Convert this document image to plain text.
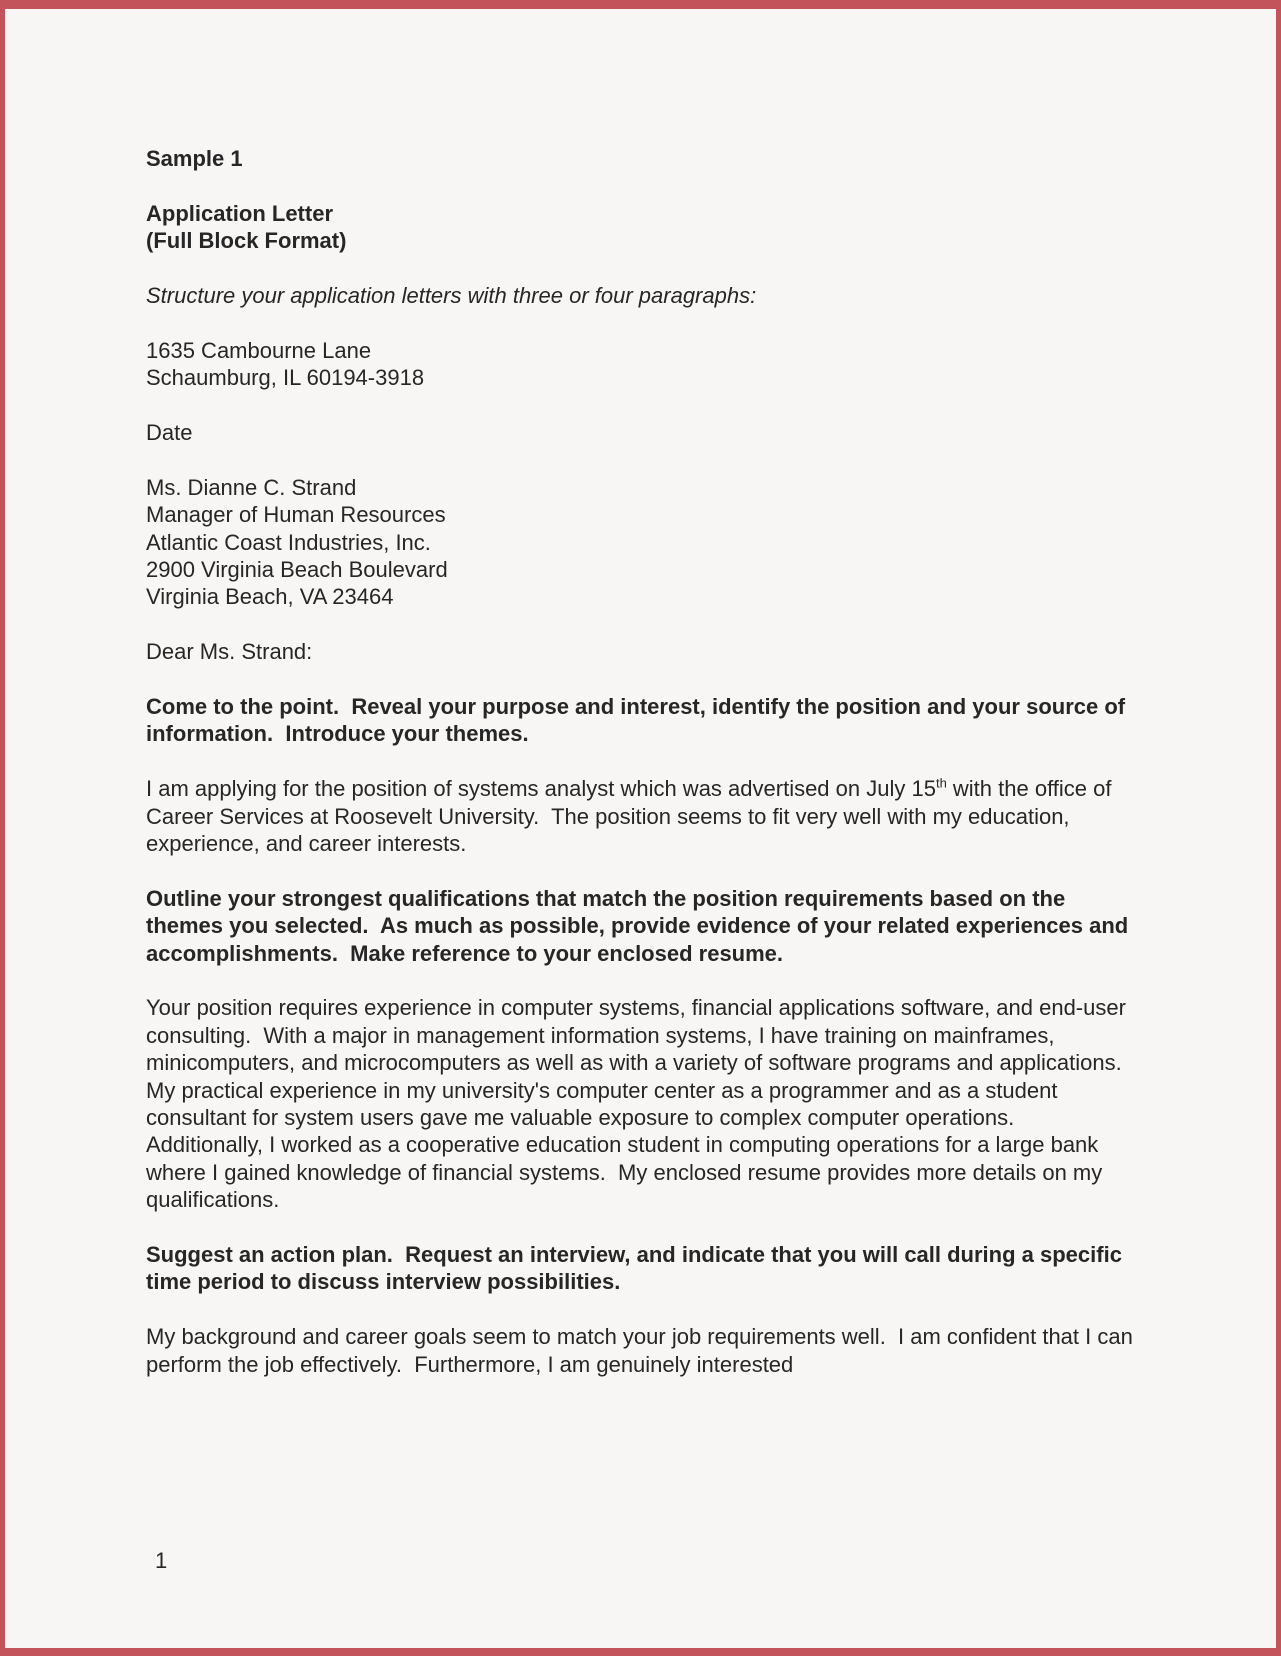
Sample 1

Application Letter
(Full Block Format)

Structure your application letters with three or four paragraphs:

1635 Cambourne Lane
Schaumburg, IL 60194-3918

Date

Ms. Dianne C. Strand
Manager of Human Resources
Atlantic Coast Industries, Inc.
2900 Virginia Beach Boulevard
Virginia Beach, VA 23464

Dear Ms. Strand:

Come to the point.  Reveal your purpose and interest, identify the position and your source of information.  Introduce your themes.

I am applying for the position of systems analyst which was advertised on July 15th with the office of Career Services at Roosevelt University.  The position seems to fit very well with my education, experience, and career interests.

Outline your strongest qualifications that match the position requirements based on the themes you selected.  As much as possible, provide evidence of your related experiences and accomplishments.  Make reference to your enclosed resume.

Your position requires experience in computer systems, financial applications software, and end-user consulting.  With a major in management information systems, I have training on mainframes, minicomputers, and microcomputers as well as with a variety of software programs and applications.  My practical experience in my university's computer center as a programmer and as a student consultant for system users gave me valuable exposure to complex computer operations.  Additionally, I worked as a cooperative education student in computing operations for a large bank where I gained knowledge of financial systems.  My enclosed resume provides more details on my qualifications.

Suggest an action plan.  Request an interview, and indicate that you will call during a specific time period to discuss interview possibilities.

My background and career goals seem to match your job requirements well.  I am confident that I can perform the job effectively.  Furthermore, I am genuinely interested

1
